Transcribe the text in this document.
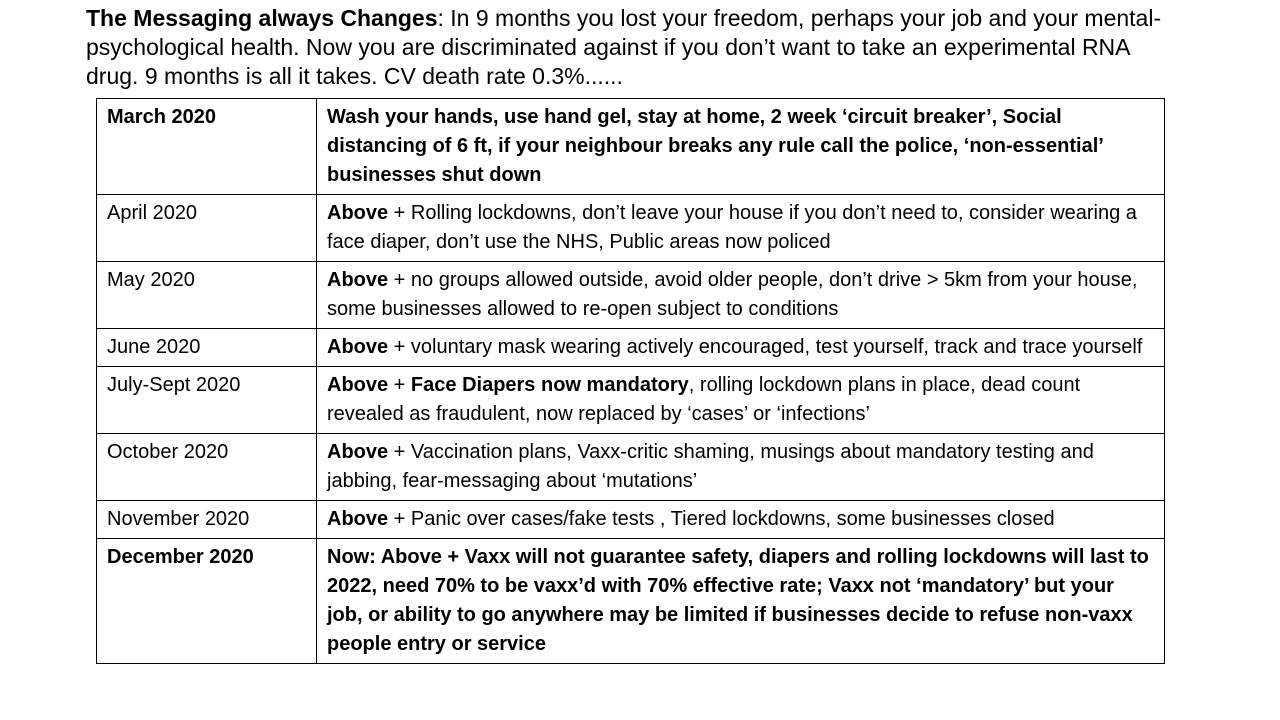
The Messaging always Changes: In 9 months you lost your freedom, perhaps your job and your mental-psychological health. Now you are discriminated against if you don’t want to take an experimental RNA drug. 9 months is all it takes. CV death rate 0.3%......

March 2020	Wash your hands, use hand gel, stay at home, 2 week ‘circuit breaker’, Social distancing of 6 ft, if your neighbour breaks any rule call the police, ‘non-essential’ businesses shut down
April 2020	Above + Rolling lockdowns, don’t leave your house if you don’t need to, consider wearing a face diaper, don’t use the NHS, Public areas now policed
May 2020	Above + no groups allowed outside, avoid older people, don’t drive > 5km from your house, some businesses allowed to re-open subject to conditions
June 2020	Above + voluntary mask wearing actively encouraged, test yourself, track and trace yourself
July-Sept 2020	Above + Face Diapers now mandatory, rolling lockdown plans in place, dead count revealed as fraudulent, now replaced by ‘cases’ or ‘infections’
October 2020	Above + Vaccination plans, Vaxx-critic shaming, musings about mandatory testing and jabbing, fear-messaging about ‘mutations’
November 2020	Above + Panic over cases/fake tests , Tiered lockdowns, some businesses closed
December 2020	Now: Above + Vaxx will not guarantee safety, diapers and rolling lockdowns will last to 2022, need 70% to be vaxx’d with 70% effective rate; Vaxx not ‘mandatory’ but your job, or ability to go anywhere may be limited if businesses decide to refuse non-vaxx people entry or service
